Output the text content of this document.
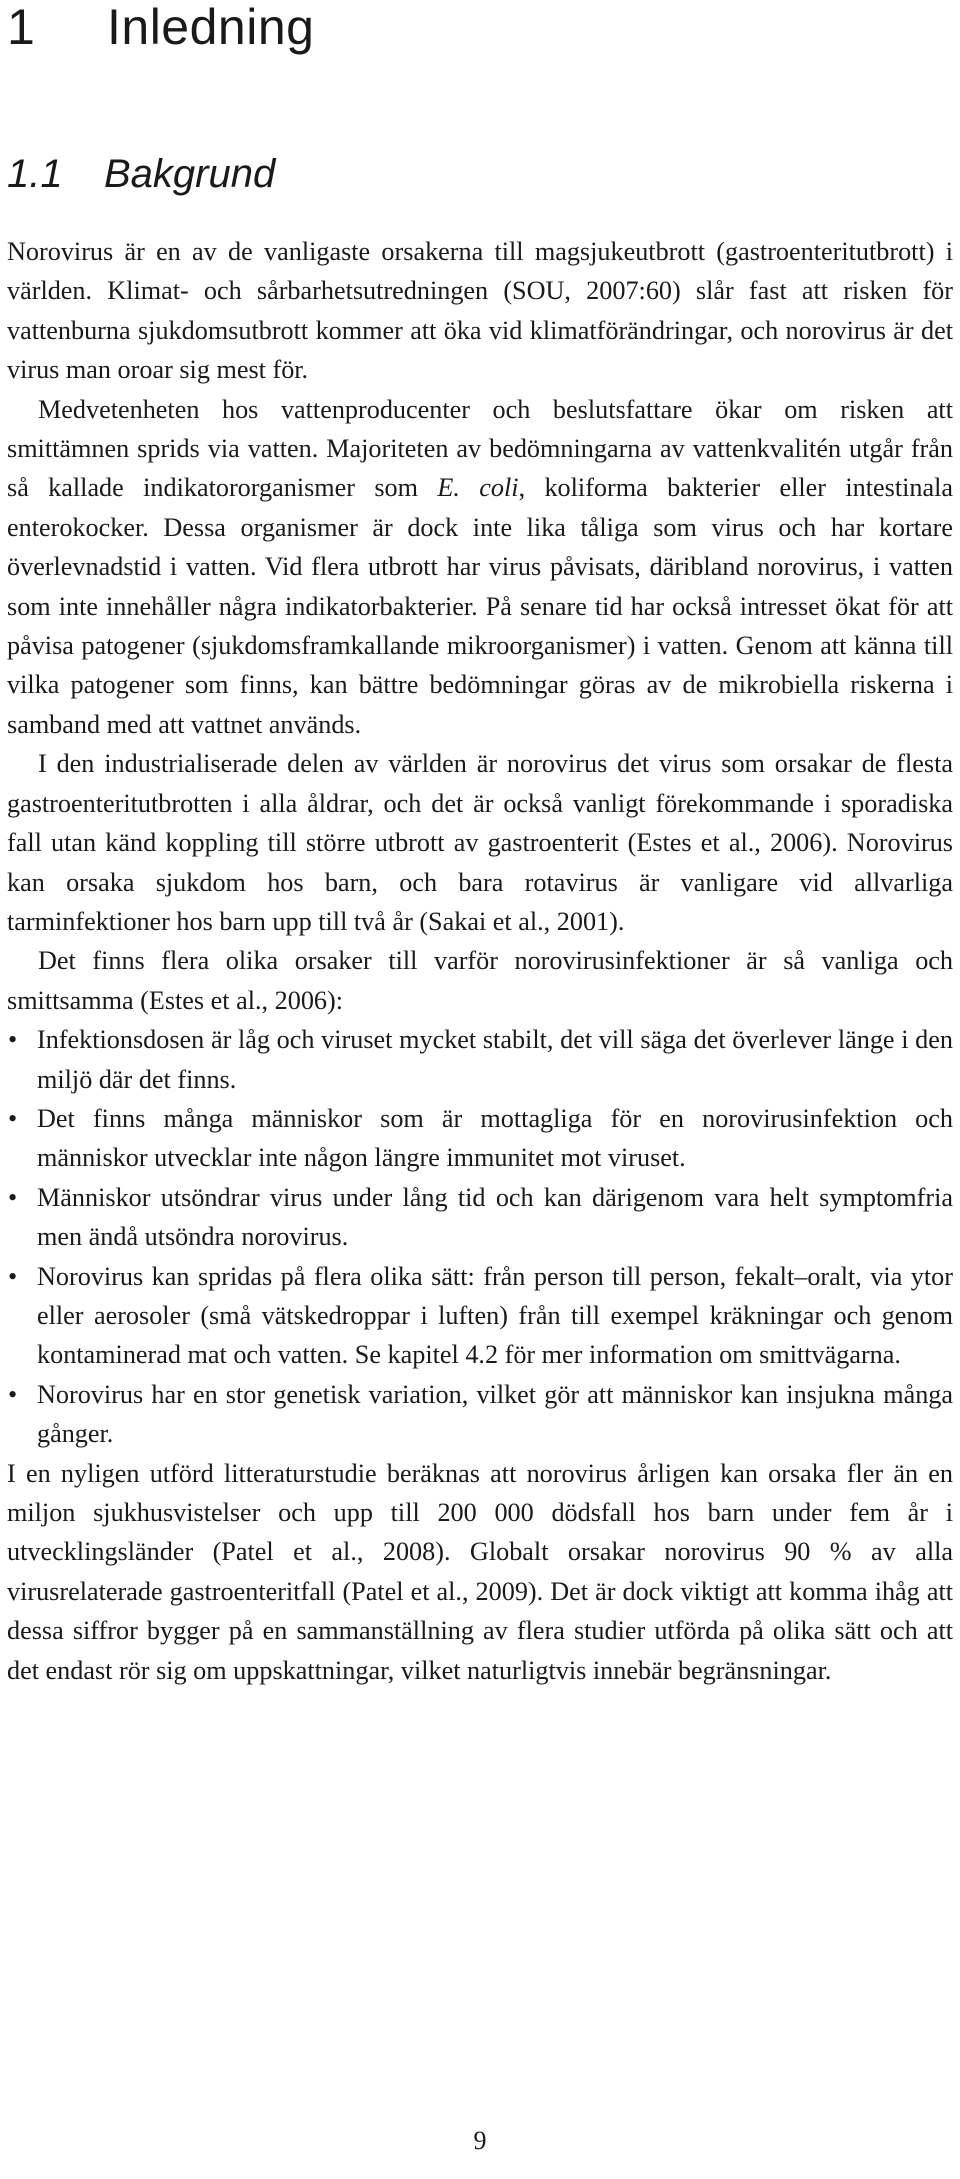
1 Inledning
1.1 Bakgrund

Norovirus är en av de vanligaste orsakerna till magsjukeutbrott (gastroenteritutbrott) i världen. Klimat- och sårbarhetsutredningen (SOU, 2007:60) slår fast att risken för vattenburna sjukdomsutbrott kommer att öka vid klimatförändringar, och norovirus är det virus man oroar sig mest för.

Medvetenheten hos vattenproducenter och beslutsfattare ökar om risken att smittämnen sprids via vatten. Majoriteten av bedömningarna av vattenkvalitén utgår från så kallade indikatororganismer som E. coli, koliforma bakterier eller intestinala enterokocker. Dessa organismer är dock inte lika tåliga som virus och har kortare överlevnadstid i vatten. Vid flera utbrott har virus påvisats, däribland norovirus, i vatten som inte innehåller några indikatorbakterier. På senare tid har också intresset ökat för att påvisa patogener (sjukdomsframkallande mikroorganismer) i vatten. Genom att känna till vilka patogener som finns, kan bättre bedömningar göras av de mikrobiella riskerna i samband med att vattnet används.

I den industrialiserade delen av världen är norovirus det virus som orsakar de flesta gastroenteritutbrotten i alla åldrar, och det är också vanligt förekommande i sporadiska fall utan känd koppling till större utbrott av gastroenterit (Estes et al., 2006). Norovirus kan orsaka sjukdom hos barn, och bara rotavirus är vanligare vid allvarliga tarminfektioner hos barn upp till två år (Sakai et al., 2001).

Det finns flera olika orsaker till varför norovirusinfektioner är så vanliga och smittsamma (Estes et al., 2006):

• Infektionsdosen är låg och viruset mycket stabilt, det vill säga det överlever länge i den miljö där det finns.
• Det finns många människor som är mottagliga för en norovirusinfektion och människor utvecklar inte någon längre immunitet mot viruset.
• Människor utsöndrar virus under lång tid och kan därigenom vara helt symptomfria men ändå utsöndra norovirus.
• Norovirus kan spridas på flera olika sätt: från person till person, fekalt–oralt, via ytor eller aerosoler (små vätskedroppar i luften) från till exempel kräkningar och genom kontaminerad mat och vatten. Se kapitel 4.2 för mer information om smittvägarna.
• Norovirus har en stor genetisk variation, vilket gör att människor kan insjukna många gånger.

I en nyligen utförd litteraturstudie beräknas att norovirus årligen kan orsaka fler än en miljon sjukhusvistelser och upp till 200 000 dödsfall hos barn under fem år i utvecklingsländer (Patel et al., 2008). Globalt orsakar norovirus 90 % av alla virusrelaterade gastroenteritfall (Patel et al., 2009). Det är dock viktigt att komma ihåg att dessa siffror bygger på en sammanställning av flera studier utförda på olika sätt och att det endast rör sig om uppskattningar, vilket naturligtvis innebär begränsningar.

9
